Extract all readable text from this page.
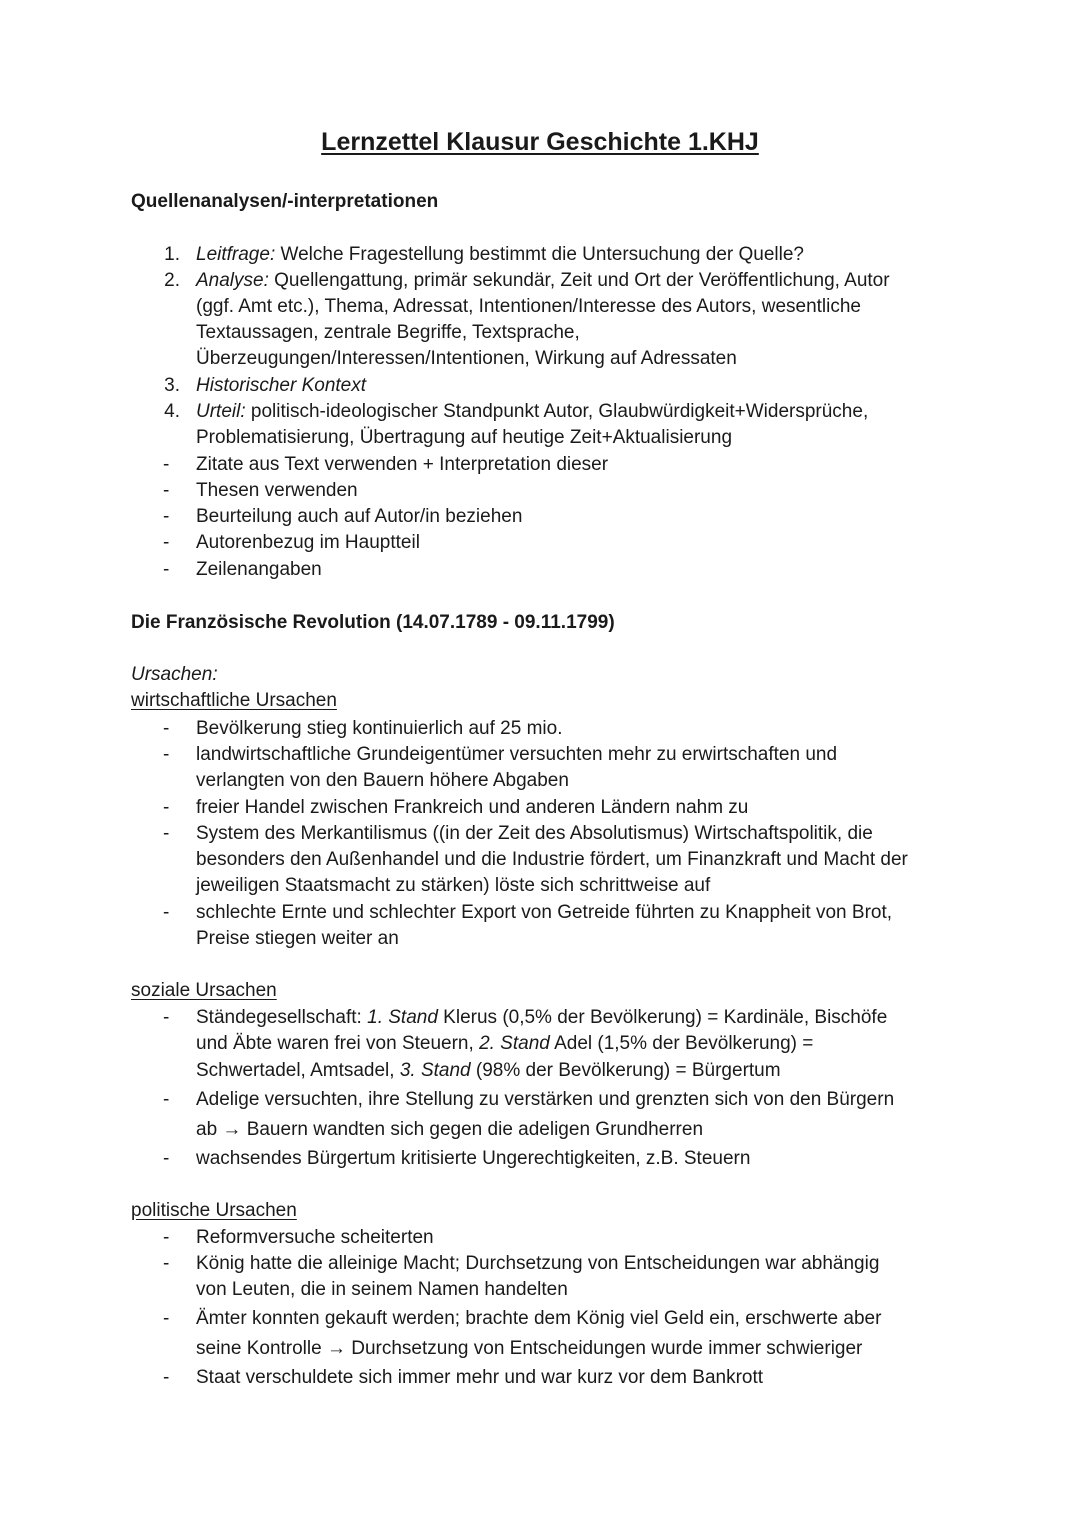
Lernzettel Klausur Geschichte 1.KHJ
Quellenanalysen/-interpretationen
1. Leitfrage: Welche Fragestellung bestimmt die Untersuchung der Quelle?
2. Analyse: Quellengattung, primär sekundär, Zeit und Ort der Veröffentlichung, Autor
(ggf. Amt etc.), Thema, Adressat, Intentionen/Interesse des Autors, wesentliche
Textaussagen, zentrale Begriffe, Textsprache,
Überzeugungen/Interessen/Intentionen, Wirkung auf Adressaten
3. Historischer Kontext
4. Urteil: politisch-ideologischer Standpunkt Autor, Glaubwürdigkeit+Widersprüche,
Problematisierung, Übertragung auf heutige Zeit+Aktualisierung
- Zitate aus Text verwenden + Interpretation dieser
- Thesen verwenden
- Beurteilung auch auf Autor/in beziehen
- Autorenbezug im Hauptteil
- Zeilenangaben
Die Französische Revolution (14.07.1789 - 09.11.1799)
Ursachen:
wirtschaftliche Ursachen
- Bevölkerung stieg kontinuierlich auf 25 mio.
- landwirtschaftliche Grundeigentümer versuchten mehr zu erwirtschaften und
verlangten von den Bauern höhere Abgaben
- freier Handel zwischen Frankreich und anderen Ländern nahm zu
- System des Merkantilismus ((in der Zeit des Absolutismus) Wirtschaftspolitik, die
besonders den Außenhandel und die Industrie fördert, um Finanzkraft und Macht der
jeweiligen Staatsmacht zu stärken) löste sich schrittweise auf
- schlechte Ernte und schlechter Export von Getreide führten zu Knappheit von Brot,
Preise stiegen weiter an
soziale Ursachen
- Ständegesellschaft: 1. Stand Klerus (0,5% der Bevölkerung) = Kardinäle, Bischöfe
und Äbte waren frei von Steuern, 2. Stand Adel (1,5% der Bevölkerung) =
Schwertadel, Amtsadel, 3. Stand (98% der Bevölkerung) = Bürgertum
- Adelige versuchten, ihre Stellung zu verstärken und grenzten sich von den Bürgern
ab → Bauern wandten sich gegen die adeligen Grundherren
- wachsendes Bürgertum kritisierte Ungerechtigkeiten, z.B. Steuern
politische Ursachen
- Reformversuche scheiterten
- König hatte die alleinige Macht; Durchsetzung von Entscheidungen war abhängig
von Leuten, die in seinem Namen handelten
- Ämter konnten gekauft werden; brachte dem König viel Geld ein, erschwerte aber
seine Kontrolle → Durchsetzung von Entscheidungen wurde immer schwieriger
- Staat verschuldete sich immer mehr und war kurz vor dem Bankrott
